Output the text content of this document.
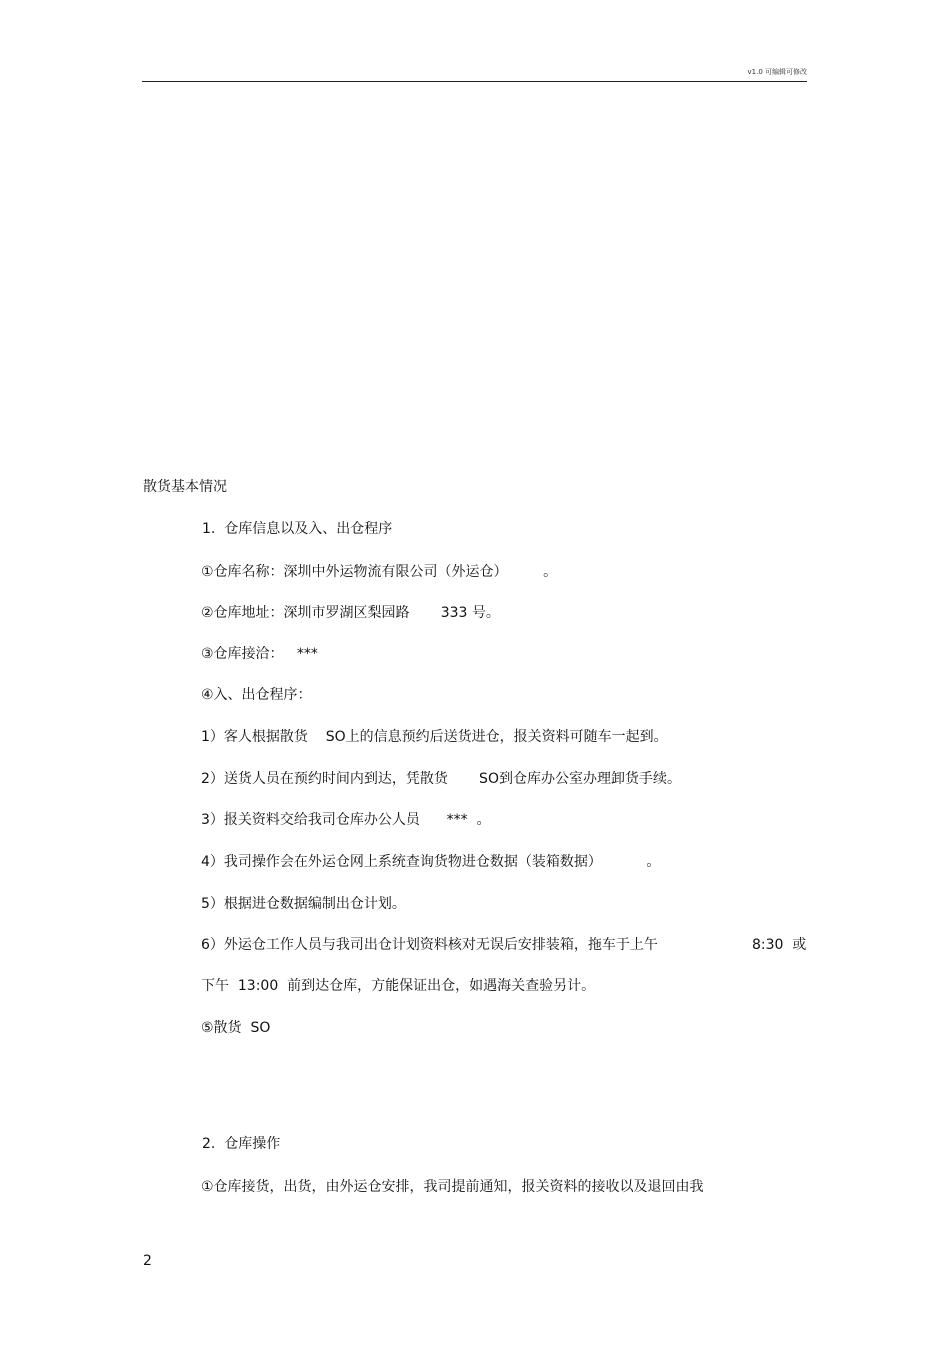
v1.0 可编辑可修改
散货基本情况
1.  仓库信息以及入、出仓程序
①仓库名称：深圳中外运物流有限公司（外运仓）        。
②仓库地址：深圳市罗湖区梨园路       333 号。
③仓库接洽：   ***
④入、出仓程序：
1）客人根据散货    SO上的信息预约后送货进仓，报关资料可随车一起到。
2）送货人员在预约时间内到达，凭散货       SO到仓库办公室办理卸货手续。
3）报关资料交给我司仓库办公人员      ***  。
4）我司操作会在外运仓网上系统查询货物进仓数据（装箱数据）          。
5）根据进仓数据编制出仓计划。
6）外运仓工作人员与我司出仓计划资料核对无误后安排装箱，拖车于上午	8:30  或
下午  13:00  前到达仓库，方能保证出仓，如遇海关查验另计。
⑤散货  SO
2.  仓库操作
①仓库接货，出货，由外运仓安排，我司提前通知，报关资料的接收以及退回由我
2
